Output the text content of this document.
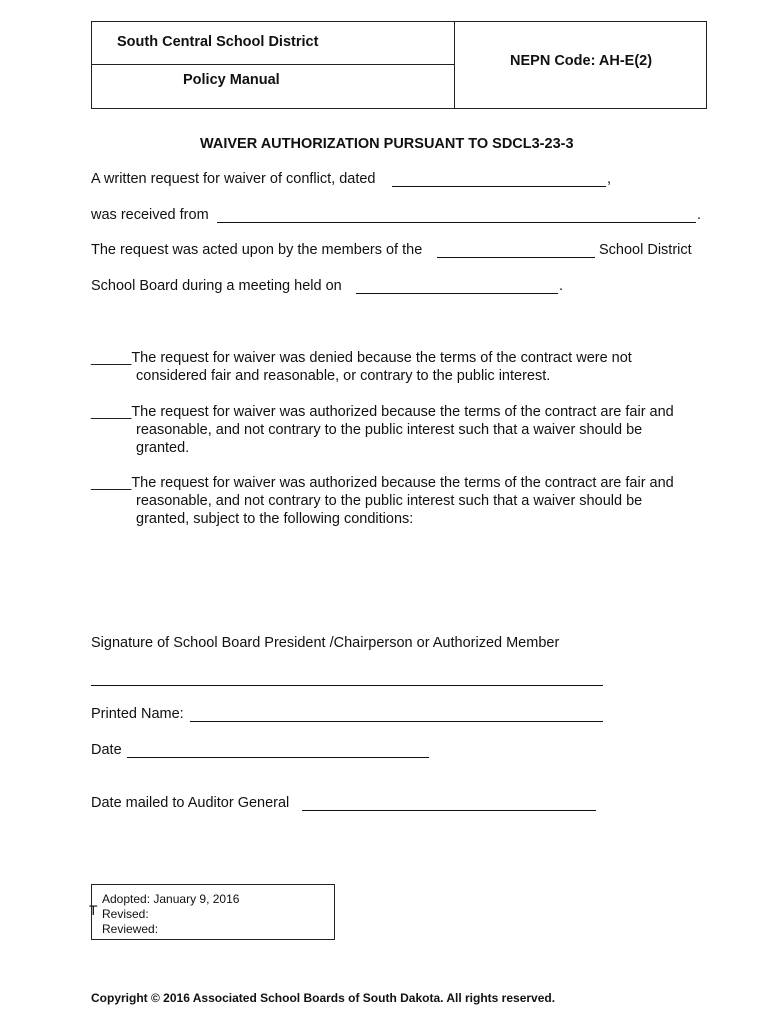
South Central School District
Policy Manual
NEPN Code: AH-E(2)
WAIVER AUTHORIZATION PURSUANT TO SDCL3-23-3
A written request for waiver of conflict, dated	,
was received from	.
The request was acted upon by the members of the	School District
School Board during a meeting held on	.
_____The request for waiver was denied because the terms of the contract were not
considered fair and reasonable, or contrary to the public interest.
_____The request for waiver was authorized because the terms of the contract are fair and
reasonable, and not contrary to the public interest such that a waiver should be
granted.
_____The request for waiver was authorized because the terms of the contract are fair and
reasonable, and not contrary to the public interest such that a waiver should be
granted, subject to the following conditions:
Signature of School Board President /Chairperson or Authorized Member
Printed Name:
Date
Date mailed to Auditor General
T
Adopted: January 9, 2016
Revised:
Reviewed:
Copyright © 2016 Associated School Boards of South Dakota. All rights reserved.
